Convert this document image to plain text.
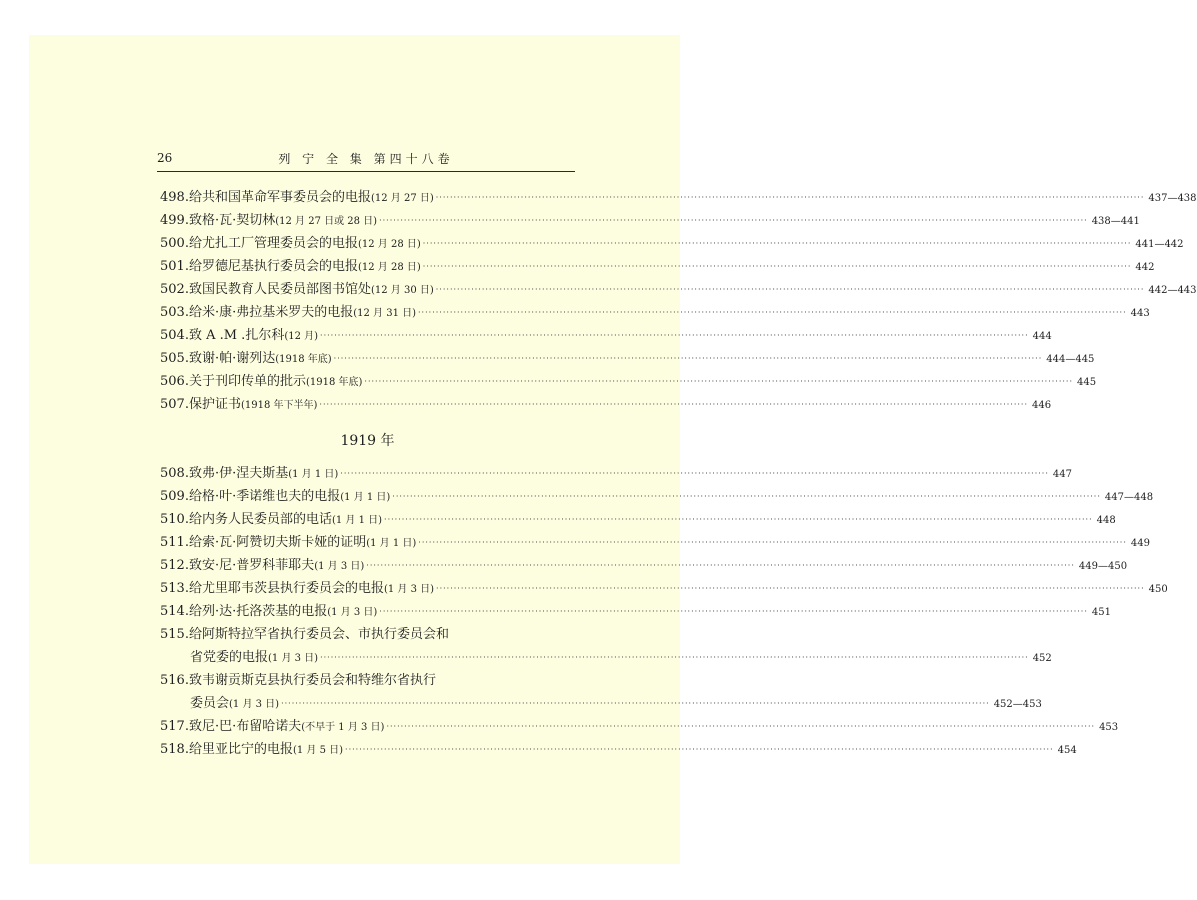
26	列 宁 全 集 第四十八卷
498. 给共和国革命军事委员会的电报 (12 月 27 日) ········································································································································································································ 437—438
499. 致格·瓦·契切林 (12 月 27 日或 28 日) ········································································································································································································ 438—441
500. 给尤扎工厂管理委员会的电报 (12 月 28 日) ········································································································································································································ 441—442
501. 给罗德尼基执行委员会的电报 (12 月 28 日) ········································································································································································································ 442
502. 致国民教育人民委员部图书馆处 (12 月 30 日) ········································································································································································································ 442—443
503. 给米·康·弗拉基米罗夫的电报 (12 月 31 日) ········································································································································································································ 443
504. 致 A .M .扎尔科 (12 月) ········································································································································································································ 444
505. 致谢·帕·谢列达 (1918 年底) ········································································································································································································ 444—445
506. 关于刊印传单的批示 (1918 年底) ········································································································································································································ 445
507. 保护证书 (1918 年下半年) ········································································································································································································ 446
1919 年
508. 致弗·伊·涅夫斯基 (1 月 1 日) ········································································································································································································ 447
509. 给格·叶·季诺维也夫的电报 (1 月 1 日) ········································································································································································································ 447—448
510. 给内务人民委员部的电话 (1 月 1 日) ········································································································································································································ 448
511. 给索·瓦·阿赞切夫斯卡娅的证明 (1 月 1 日) ········································································································································································································ 449
512. 致安·尼·普罗科菲耶夫 (1 月 3 日) ········································································································································································································ 449—450
513. 给尤里耶韦茨县执行委员会的电报 (1 月 3 日) ········································································································································································································ 450
514. 给列·达·托洛茨基的电报 (1 月 3 日) ········································································································································································································ 451
515. 给阿斯特拉罕省执行委员会、市执行委员会和
省党委的电报 (1 月 3 日) ········································································································································································································ 452
516. 致韦谢贡斯克县执行委员会和特维尔省执行
委员会 (1 月 3 日) ········································································································································································································ 452—453
517. 致尼·巴·布留哈诺夫 (不早于 1 月 3 日) ········································································································································································································ 453
518. 给里亚比宁的电报 (1 月 5 日) ········································································································································································································ 454
